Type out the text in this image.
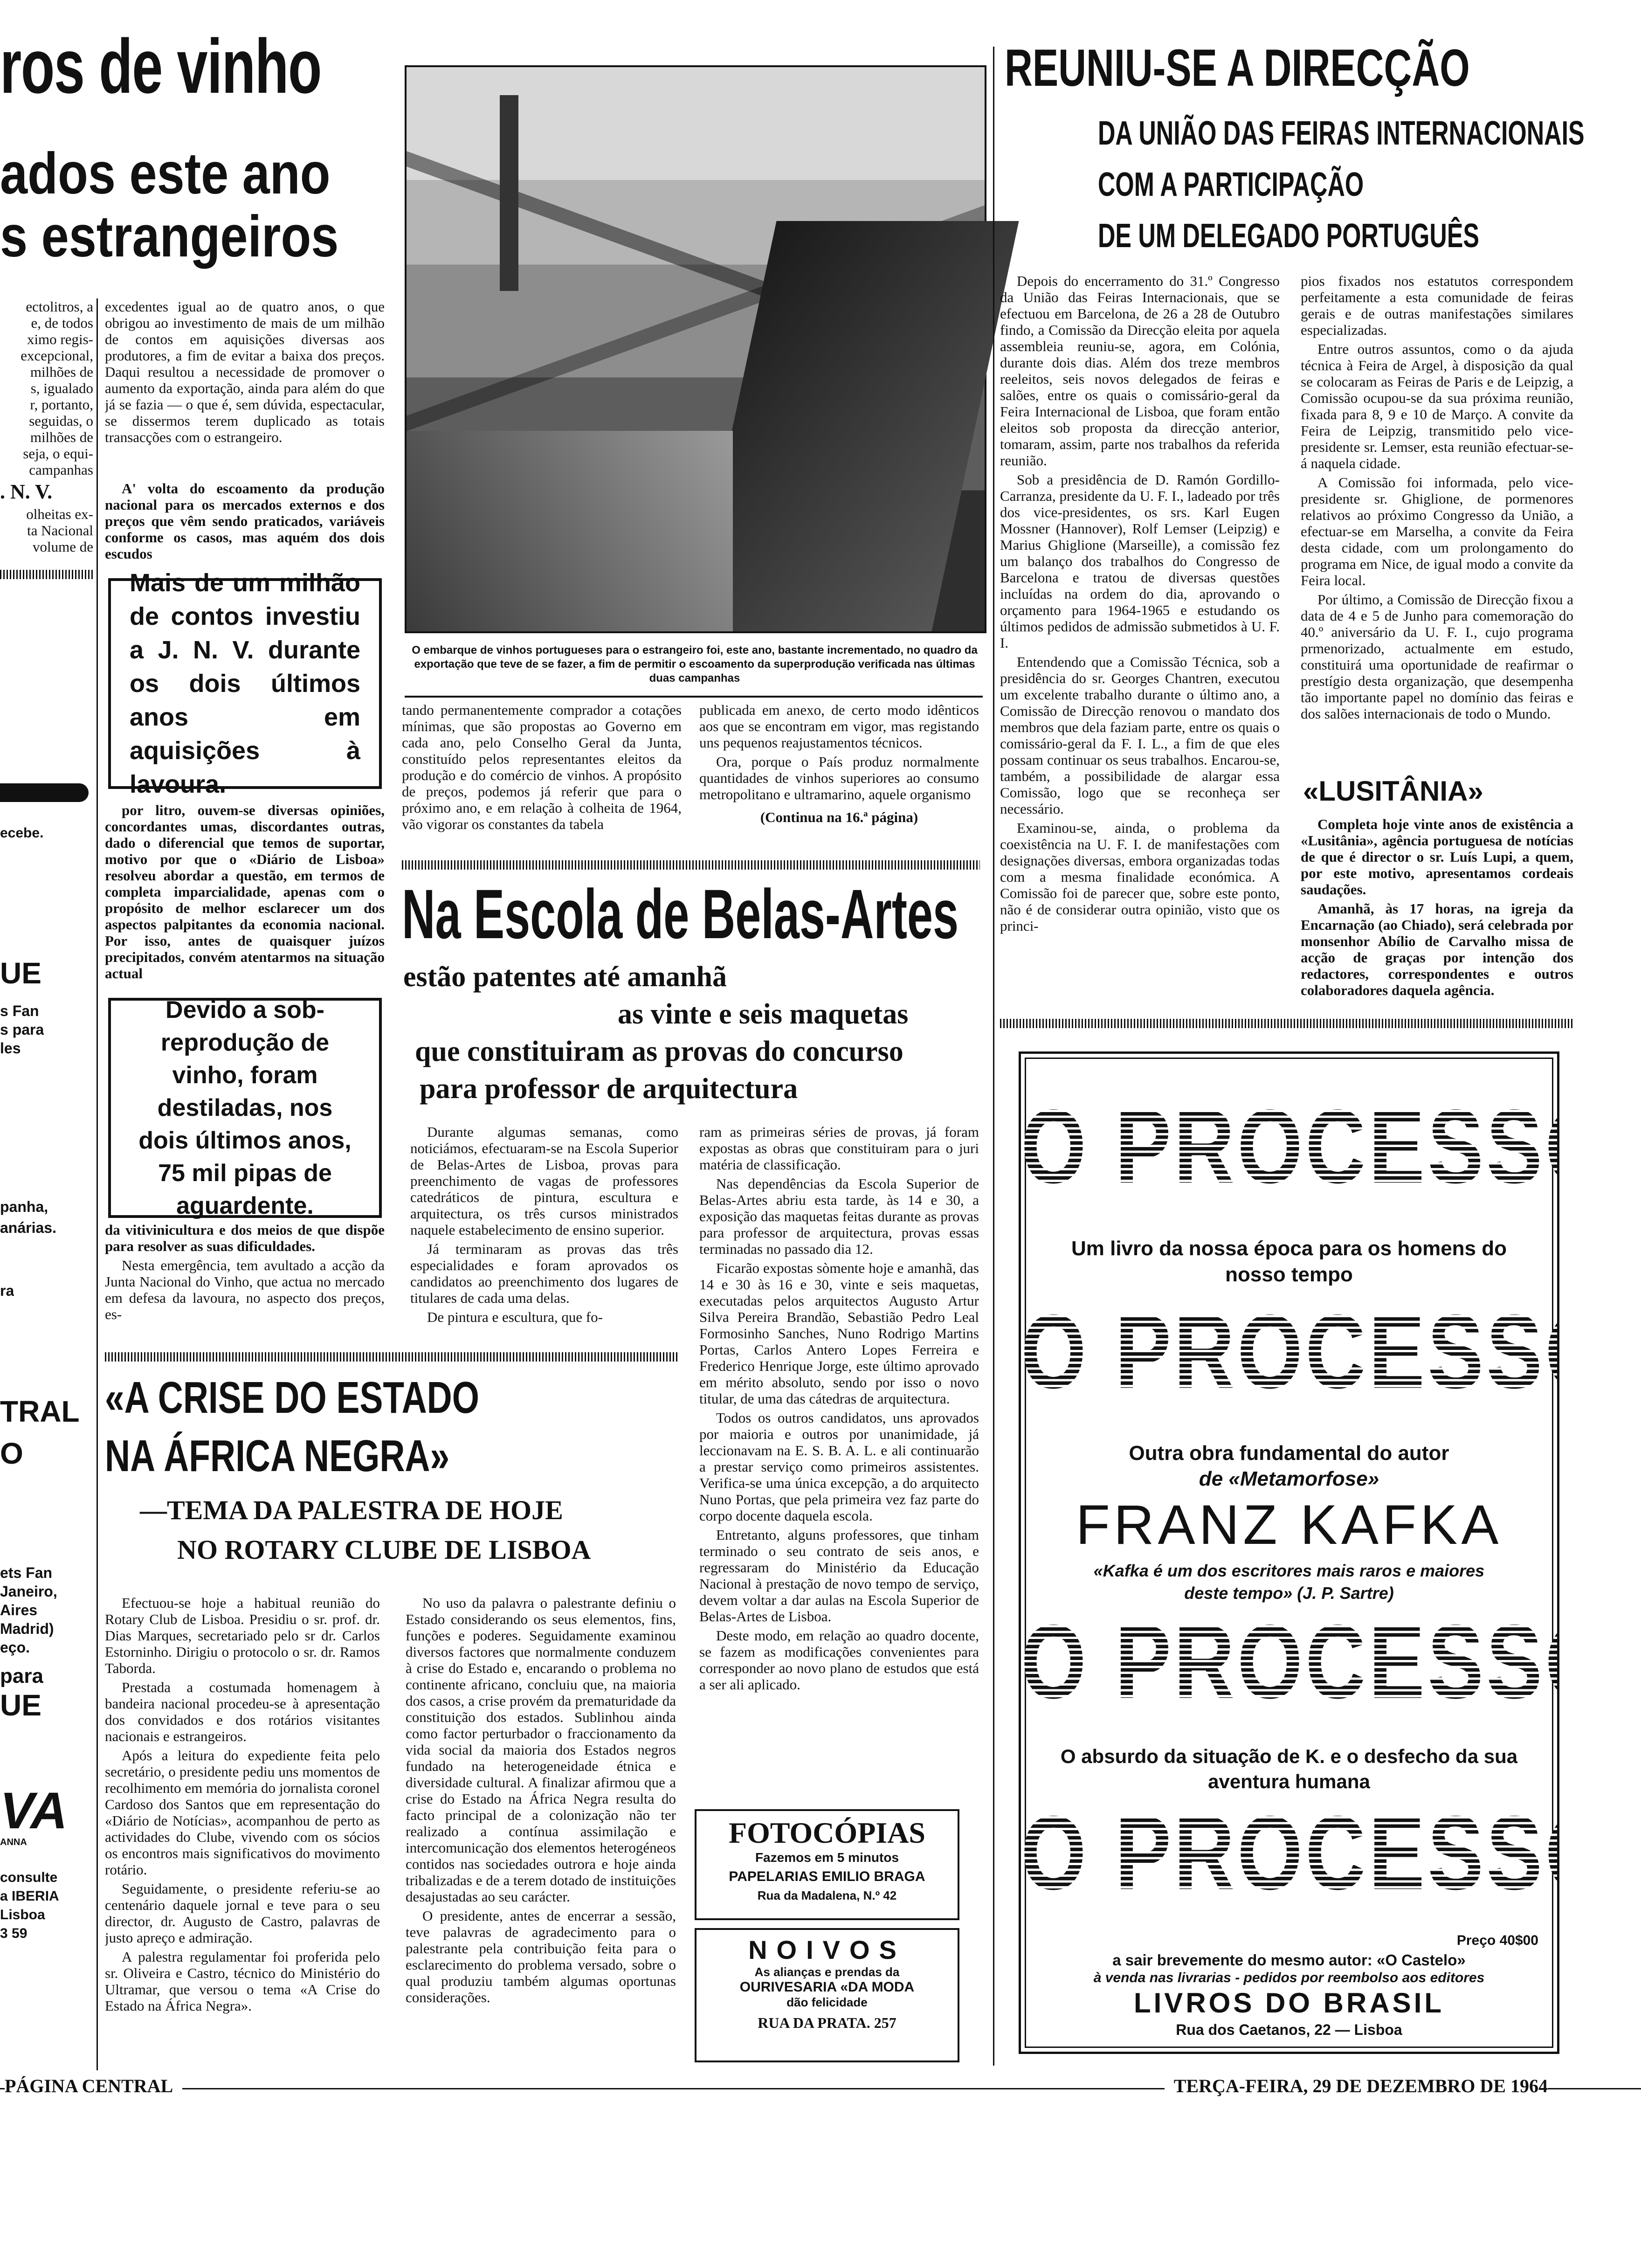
ros de vinho
ados este ano
s estrangeiros
ectolitros, a
e, de todos
ximo regis-
excepcional,
milhões de
s, igualado
r, portanto,
seguidas, o
milhões de
seja, o equi-
campanhas
. N. V.
olheitas ex-
ta Nacional
volume de
ecebe.
UE
s Fan
s para
les
panha,
anárias.
ra
TRAL
O
ets Fan
Janeiro,
Aires
Madrid)
eço.
para
UE
VA
ANNA
consulte
a IBERIA
Lisboa
3 59

excedentes igual ao de quatro anos, o que obrigou ao investimento de mais de um milhão de contos em aquisições diversas aos produtores, a fim de evitar a baixa dos preços. Daqui resultou a necessidade de promover o aumento da exportação, ainda para além do que já se fazia — o que é, sem dúvida, espectacular, se dissermos terem duplicado as totais transacções com o estrangeiro.

A' volta do escoamento da produção nacional para os mercados externos e dos preços que vêm sendo praticados, variáveis conforme os casos, mas aquém dos dois escudos

Mais de um milhão de contos investiu a J. N. V. durante os dois últimos anos em aquisições à lavoura.

por litro, ouvem-se diversas opiniões, concordantes umas, discordantes outras, dado o diferencial que temos de suportar, motivo por que o «Diário de Lisboa» resolveu abordar a questão, em termos de completa imparcialidade, apenas com o propósito de melhor esclarecer um dos aspectos palpitantes da economia nacional. Por isso, antes de quaisquer juízos precipitados, convém atentarmos na situação actual

Devido a sob-reprodução de vinho, foram destiladas, nos dois últimos anos, 75 mil pipas de aguardente.

da vitivinicultura e dos meios de que dispõe para resolver as suas dificuldades.

Nesta emergência, tem avultado a acção da Junta Nacional do Vinho, que actua no mercado em defesa da lavoura, no aspecto dos preços, es-

O embarque de vinhos portugueses para o estrangeiro foi, este ano, bastante incrementado, no quadro da exportação que teve de se fazer, a fim de permitir o escoamento da superprodução verificada nas últimas duas campanhas

tando permanentemente comprador a cotações mínimas, que são propostas ao Governo em cada ano, pelo Conselho Geral da Junta, constituído pelos representantes eleitos da produção e do comércio de vinhos. A propósito de preços, podemos já referir que para o próximo ano, e em relação à colheita de 1964, vão vigorar os constantes da tabela

publicada em anexo, de certo modo idênticos aos que se encontram em vigor, mas registando uns pequenos reajustamentos técnicos.

Ora, porque o País produz normalmente quantidades de vinhos superiores ao consumo metropolitano e ultramarino, aquele organismo

(Continua na 16.ª página)
Na Escola de Belas-Artes
estão patentes até amanhã
as vinte e seis maquetas
que constituiram as provas do concurso
para professor de arquitectura

Durante algumas semanas, como noticiámos, efectuaram-se na Escola Superior de Belas-Artes de Lisboa, provas para preenchimento de vagas de professores catedráticos de pintura, escultura e arquitectura, os três cursos ministrados naquele estabelecimento de ensino superior.

Já terminaram as provas das três especialidades e foram aprovados os candidatos ao preenchimento dos lugares de titulares de cada uma delas.

De pintura e escultura, que fo-

ram as primeiras séries de provas, já foram expostas as obras que constituiram para o juri matéria de classificação.

Nas dependências da Escola Superior de Belas-Artes abriu esta tarde, às 14 e 30, a exposição das maquetas feitas durante as provas para professor de arquitectura, provas essas terminadas no passado dia 12.

Ficarão expostas sòmente hoje e amanhã, das 14 e 30 às 16 e 30, vinte e seis maquetas, executadas pelos arquitectos Augusto Artur Silva Pereira Brandão, Sebastião Pedro Leal Formosinho Sanches, Nuno Rodrigo Martins Portas, Carlos Antero Lopes Ferreira e Frederico Henrique Jorge, este último aprovado em mérito absoluto, sendo por isso o novo titular, de uma das cátedras de arquitectura.

Todos os outros candidatos, uns aprovados por maioria e outros por unanimidade, já leccionavam na E. S. B. A. L. e ali continuarão a prestar serviço como primeiros assistentes. Verifica-se uma única excepção, a do arquitecto Nuno Portas, que pela primeira vez faz parte do corpo docente daquela escola.

Entretanto, alguns professores, que tinham terminado o seu contrato de seis anos, e regressaram do Ministério da Educação Nacional à prestação de novo tempo de serviço, devem voltar a dar aulas na Escola Superior de Belas-Artes de Lisboa.

Deste modo, em relação ao quadro docente, se fazem as modificações convenientes para corresponder ao novo plano de estudos que está a ser ali aplicado.

«A CRISE DO ESTADO
NA ÁFRICA NEGRA»
—TEMA DA PALESTRA DE HOJE
NO ROTARY CLUBE DE LISBOA

Efectuou-se hoje a habitual reunião do Rotary Club de Lisboa. Presidiu o sr. prof. dr. Dias Marques, secretariado pelo sr dr. Carlos Estorninho. Dirigiu o protocolo o sr. dr. Ramos Taborda.

Prestada a costumada homenagem à bandeira nacional procedeu-se à apresentação dos convidados e dos rotários visitantes nacionais e estrangeiros.

Após a leitura do expediente feita pelo secretário, o presidente pediu uns momentos de recolhimento em memória do jornalista coronel Cardoso dos Santos que em representação do «Diário de Notícias», acompanhou de perto as actividades do Clube, vivendo com os sócios os encontros mais significativos do movimento rotário.

Seguidamente, o presidente referiu-se ao centenário daquele jornal e teve para o seu director, dr. Augusto de Castro, palavras de justo apreço e admiração.

A palestra regulamentar foi proferida pelo sr. Oliveira e Castro, técnico do Ministério do Ultramar, que versou o tema «A Crise do Estado na África Negra».

No uso da palavra o palestrante definiu o Estado considerando os seus elementos, fins, funções e poderes. Seguidamente examinou diversos factores que normalmente conduzem à crise do Estado e, encarando o problema no continente africano, concluiu que, na maioria dos casos, a crise provém da prematuridade da constituição dos estados. Sublinhou ainda como factor perturbador o fraccionamento da vida social da maioria dos Estados negros fundado na heterogeneidade étnica e diversidade cultural. A finalizar afirmou que a crise do Estado na África Negra resulta do facto principal de a colonização não ter realizado a contínua assimilação e intercomunicação dos elementos heterogéneos contidos nas sociedades outrora e hoje ainda tribalizadas e de a terem dotado de instituições desajustadas ao seu carácter.

O presidente, antes de encerrar a sessão, teve palavras de agradecimento para o palestrante pela contribuição feita para o esclarecimento do problema versado, sobre o qual produziu também algumas oportunas considerações.

FOTOCÓPIAS
Fazemos em 5 minutos
PAPELARIAS EMILIO BRAGA
Rua da Madalena, N.º 42
NOIVOS
As alianças e prendas da
OURIVESARIA «DA MODA
dão felicidade
RUA DA PRATA. 257
REUNIU-SE A DIRECÇÃO
DA UNIÃO DAS FEIRAS INTERNACIONAIS
COM A PARTICIPAÇÃO
DE UM DELEGADO PORTUGUÊS

Depois do encerramento do 31.º Congresso da União das Feiras Internacionais, que se efectuou em Barcelona, de 26 a 28 de Outubro findo, a Comissão da Direcção eleita por aquela assembleia reuniu-se, agora, em Colónia, durante dois dias. Além dos treze membros reeleitos, seis novos delegados de feiras e salões, entre os quais o comissário-geral da Feira Internacional de Lisboa, que foram então eleitos sob proposta da direcção anterior, tomaram, assim, parte nos trabalhos da referida reunião.

Sob a presidência de D. Ramón Gordillo-Carranza, presidente da U. F. I., ladeado por três dos vice-presidentes, os srs. Karl Eugen Mossner (Hannover), Rolf Lemser (Leipzig) e Marius Ghiglione (Marseille), a comissão fez um balanço dos trabalhos do Congresso de Barcelona e tratou de diversas questões incluídas na ordem do dia, aprovando o orçamento para 1964-1965 e estudando os últimos pedidos de admissão submetidos à U. F. I.

Entendendo que a Comissão Técnica, sob a presidência do sr. Georges Chantren, executou um excelente trabalho durante o último ano, a Comissão de Direcção renovou o mandato dos membros que dela faziam parte, entre os quais o comissário-geral da F. I. L., a fim de que eles possam continuar os seus trabalhos. Encarou-se, também, a possibilidade de alargar essa Comissão, logo que se reconheça ser necessário.

Examinou-se, ainda, o problema da coexistência na U. F. I. de manifestações com designações diversas, embora organizadas todas com a mesma finalidade económica. A Comissão foi de parecer que, sobre este ponto, não é de considerar outra opinião, visto que os princi-

pios fixados nos estatutos correspondem perfeitamente a esta comunidade de feiras gerais e de outras manifestações similares especializadas.

Entre outros assuntos, como o da ajuda técnica à Feira de Argel, à disposição da qual se colocaram as Feiras de Paris e de Leipzig, a Comissão ocupou-se da sua próxima reunião, fixada para 8, 9 e 10 de Março. A convite da Feira de Leipzig, transmitido pelo vice-presidente sr. Lemser, esta reunião efectuar-se-á naquela cidade.

A Comissão foi informada, pelo vice-presidente sr. Ghiglione, de pormenores relativos ao próximo Congresso da União, a efectuar-se em Marselha, a convite da Feira desta cidade, com um prolongamento do programa em Nice, de igual modo a convite da Feira local.

Por último, a Comissão de Direcção fixou a data de 4 e 5 de Junho para comemoração do 40.º aniversário da U. F. I., cujo programa prmenorizado, actualmente em estudo, constituirá uma oportunidade de reafirmar o prestígio desta organização, que desempenha tão importante papel no domínio das feiras e dos salões internacionais de todo o Mundo.

«LUSITÂNIA»

Completa hoje vinte anos de existência a «Lusitânia», agência portuguesa de notícias de que é director o sr. Luís Lupi, a quem, por este motivo, apresentamos cordeais saudações.

Amanhã, às 17 horas, na igreja da Encarnação (ao Chiado), será celebrada por monsenhor Abílio de Carvalho missa de acção de graças por intenção dos redactores, correspondentes e outros colaboradores daquela agência.

O PROCESSO
Um livro da nossa época para os homens do nosso tempo
O PROCESSO
Outra obra fundamental do autor
de «Metamorfose»
FRANZ KAFKA
«Kafka é um dos escritores mais raros e maiores deste tempo» (J. P. Sartre)
O PROCESSO
O absurdo da situação de K. e o desfecho da sua aventura humana
O PROCESSO
Preço 40$00
a sair brevemente do mesmo autor: «O Castelo»
à venda nas livrarias - pedidos por reembolso aos editores
LIVROS DO BRASIL
Rua dos Caetanos, 22 — Lisboa
PÁGINA CENTRAL	TERÇA-FEIRA, 29 DE DEZEMBRO DE 1964
